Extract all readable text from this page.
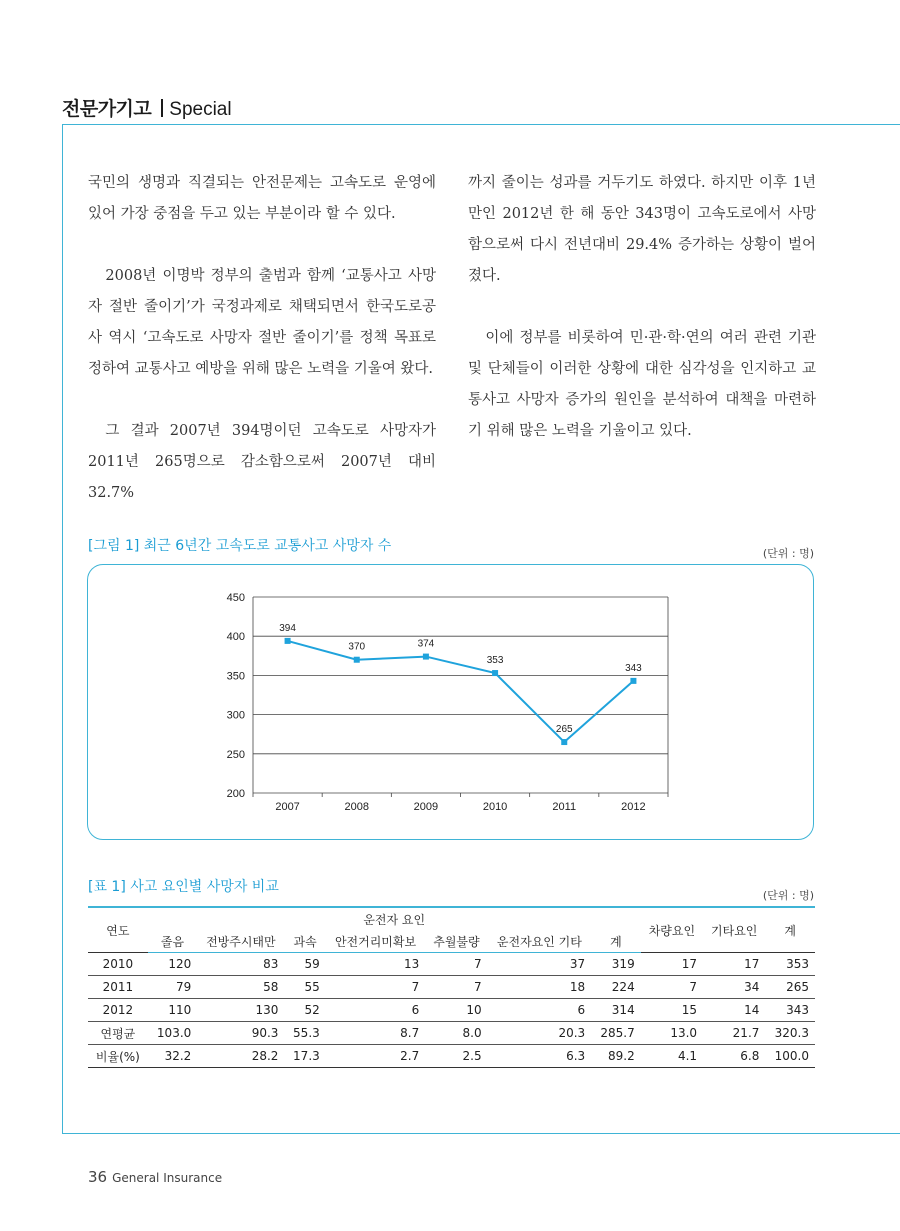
전문가기고 Special

국민의 생명과 직결되는 안전문제는 고속도로 운영에 있어 가장 중점을 두고 있는 부분이라 할 수 있다.

2008년 이명박 정부의 출범과 함께 ‘교통사고 사망자 절반 줄이기’가 국정과제로 채택되면서 한국도로공사 역시 ‘고속도로 사망자 절반 줄이기’를 정책 목표로 정하여 교통사고 예방을 위해 많은 노력을 기울여 왔다.

그 결과 2007년 394명이던 고속도로 사망자가 2011년 265명으로 감소함으로써 2007년 대비 32.7%

까지 줄이는 성과를 거두기도 하였다. 하지만 이후 1년 만인 2012년 한 해 동안 343명이 고속도로에서 사망함으로써 다시 전년대비 29.4% 증가하는 상황이 벌어졌다.

이에 정부를 비롯하여 민·관·학·연의 여러 관련 기관 및 단체들이 이러한 상황에 대한 심각성을 인지하고 교통사고 사망자 증가의 원인을 분석하여 대책을 마련하기 위해 많은 노력을 기울이고 있다.

[그림 1] 최근 6년간 고속도로 교통사고 사망자 수	(단위 : 명)
200
250
300
350
400
450
2007	2008	2009	2010	2011	2012
394
370	374
353
265
343
[표 1] 사고 요인별 사망자 비교
(단위 : 명)
연도	운전자 요인							차량요인	기타요인	계
	졸음	전방주시태만	과속	안전거리미확보	추월불량	운전자요인 기타	계			
2010	120	83	59	13	7	37	319	17	17	353
2011	79	58	55	7	7	18	224	7	34	265
2012	110	130	52	6	10	6	314	15	14	343
연평균	103.0	90.3	55.3	8.7	8.0	20.3	285.7	13.0	21.7	320.3
비율(%)	32.2	28.2	17.3	2.7	2.5	6.3	89.2	4.1	6.8	100.0
36 General Insurance
